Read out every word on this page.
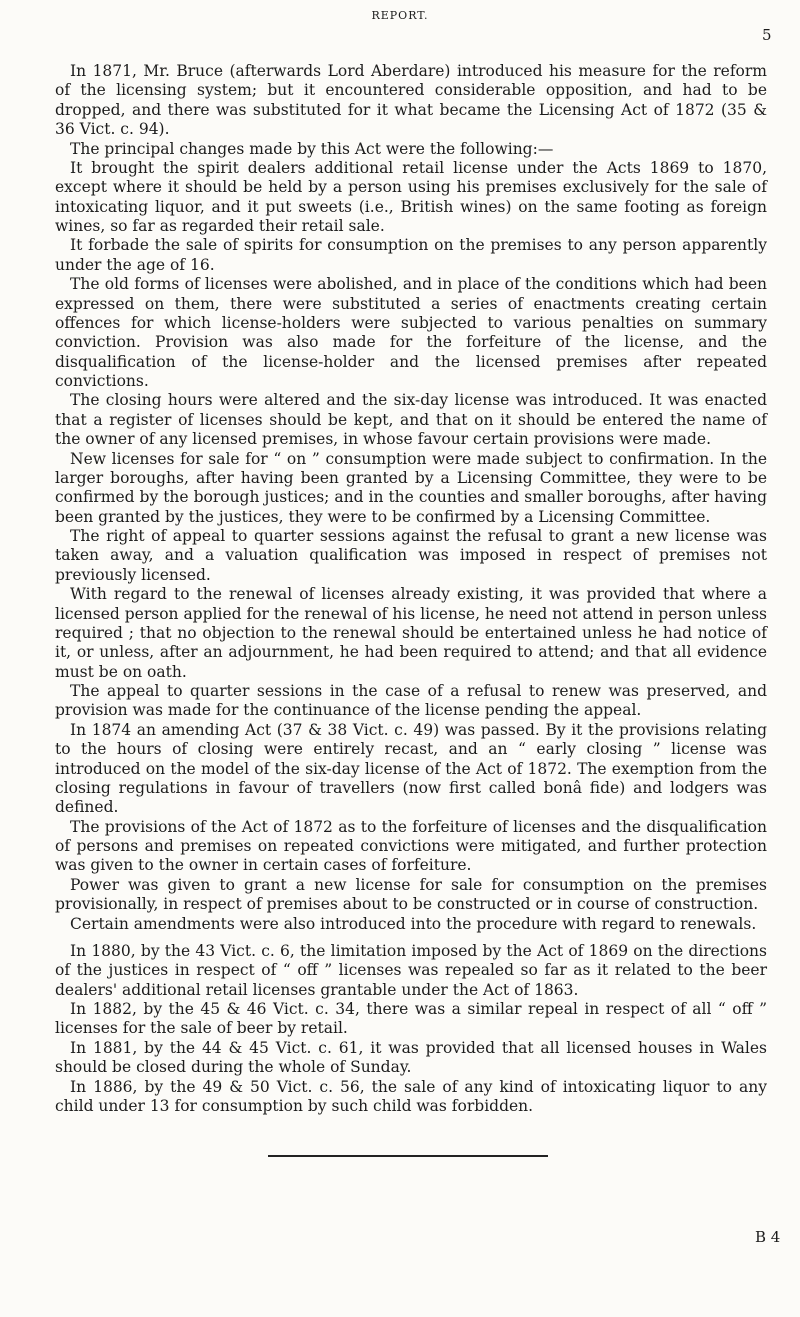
REPORT.
5

In 1871, Mr. Bruce (afterwards Lord Aberdare) introduced his measure for the reform of the licensing system; but it encountered considerable opposition, and had to be dropped, and there was substituted for it what became the Licensing Act of 1872 (35 & 36 Vict. c. 94).

The principal changes made by this Act were the following:—

It brought the spirit dealers additional retail license under the Acts 1869 to 1870, except where it should be held by a person using his premises exclusively for the sale of intoxicating liquor, and it put sweets (i.e., British wines) on the same footing as foreign wines, so far as regarded their retail sale.

It forbade the sale of spirits for consumption on the premises to any person apparently under the age of 16.

The old forms of licenses were abolished, and in place of the conditions which had been expressed on them, there were substituted a series of enactments creating certain offences for which license-holders were subjected to various penalties on summary conviction. Provision was also made for the forfeiture of the license, and the disqualification of the license-holder and the licensed premises after repeated convictions.

The closing hours were altered and the six-day license was introduced. It was enacted that a register of licenses should be kept, and that on it should be entered the name of the owner of any licensed premises, in whose favour certain provisions were made.

New licenses for sale for “ on ” consumption were made subject to confirmation. In the larger boroughs, after having been granted by a Licensing Committee, they were to be confirmed by the borough justices; and in the counties and smaller boroughs, after having been granted by the justices, they were to be confirmed by a Licensing Committee.

The right of appeal to quarter sessions against the refusal to grant a new license was taken away, and a valuation qualification was imposed in respect of premises not previously licensed.

With regard to the renewal of licenses already existing, it was provided that where a licensed person applied for the renewal of his license, he need not attend in person unless required ; that no objection to the renewal should be entertained unless he had notice of it, or unless, after an adjournment, he had been required to attend; and that all evidence must be on oath.

The appeal to quarter sessions in the case of a refusal to renew was preserved, and provision was made for the continuance of the license pending the appeal.

In 1874 an amending Act (37 & 38 Vict. c. 49) was passed. By it the provisions relating to the hours of closing were entirely recast, and an “ early closing ” license was introduced on the model of the six-day license of the Act of 1872. The exemption from the closing regulations in favour of travellers (now first called bonâ fide) and lodgers was defined.

The provisions of the Act of 1872 as to the forfeiture of licenses and the disqualification of persons and premises on repeated convictions were mitigated, and further protection was given to the owner in certain cases of forfeiture.

Power was given to grant a new license for sale for consumption on the premises provisionally, in respect of premises about to be constructed or in course of construction.

Certain amendments were also introduced into the procedure with regard to renewals.

In 1880, by the 43 Vict. c. 6, the limitation imposed by the Act of 1869 on the directions of the justices in respect of “ off ” licenses was repealed so far as it related to the beer dealers' additional retail licenses grantable under the Act of 1863.

In 1882, by the 45 & 46 Vict. c. 34, there was a similar repeal in respect of all “ off ” licenses for the sale of beer by retail.

In 1881, by the 44 & 45 Vict. c. 61, it was provided that all licensed houses in Wales should be closed during the whole of Sunday.

In 1886, by the 49 & 50 Vict. c. 56, the sale of any kind of intoxicating liquor to any child under 13 for consumption by such child was forbidden.

B 4
